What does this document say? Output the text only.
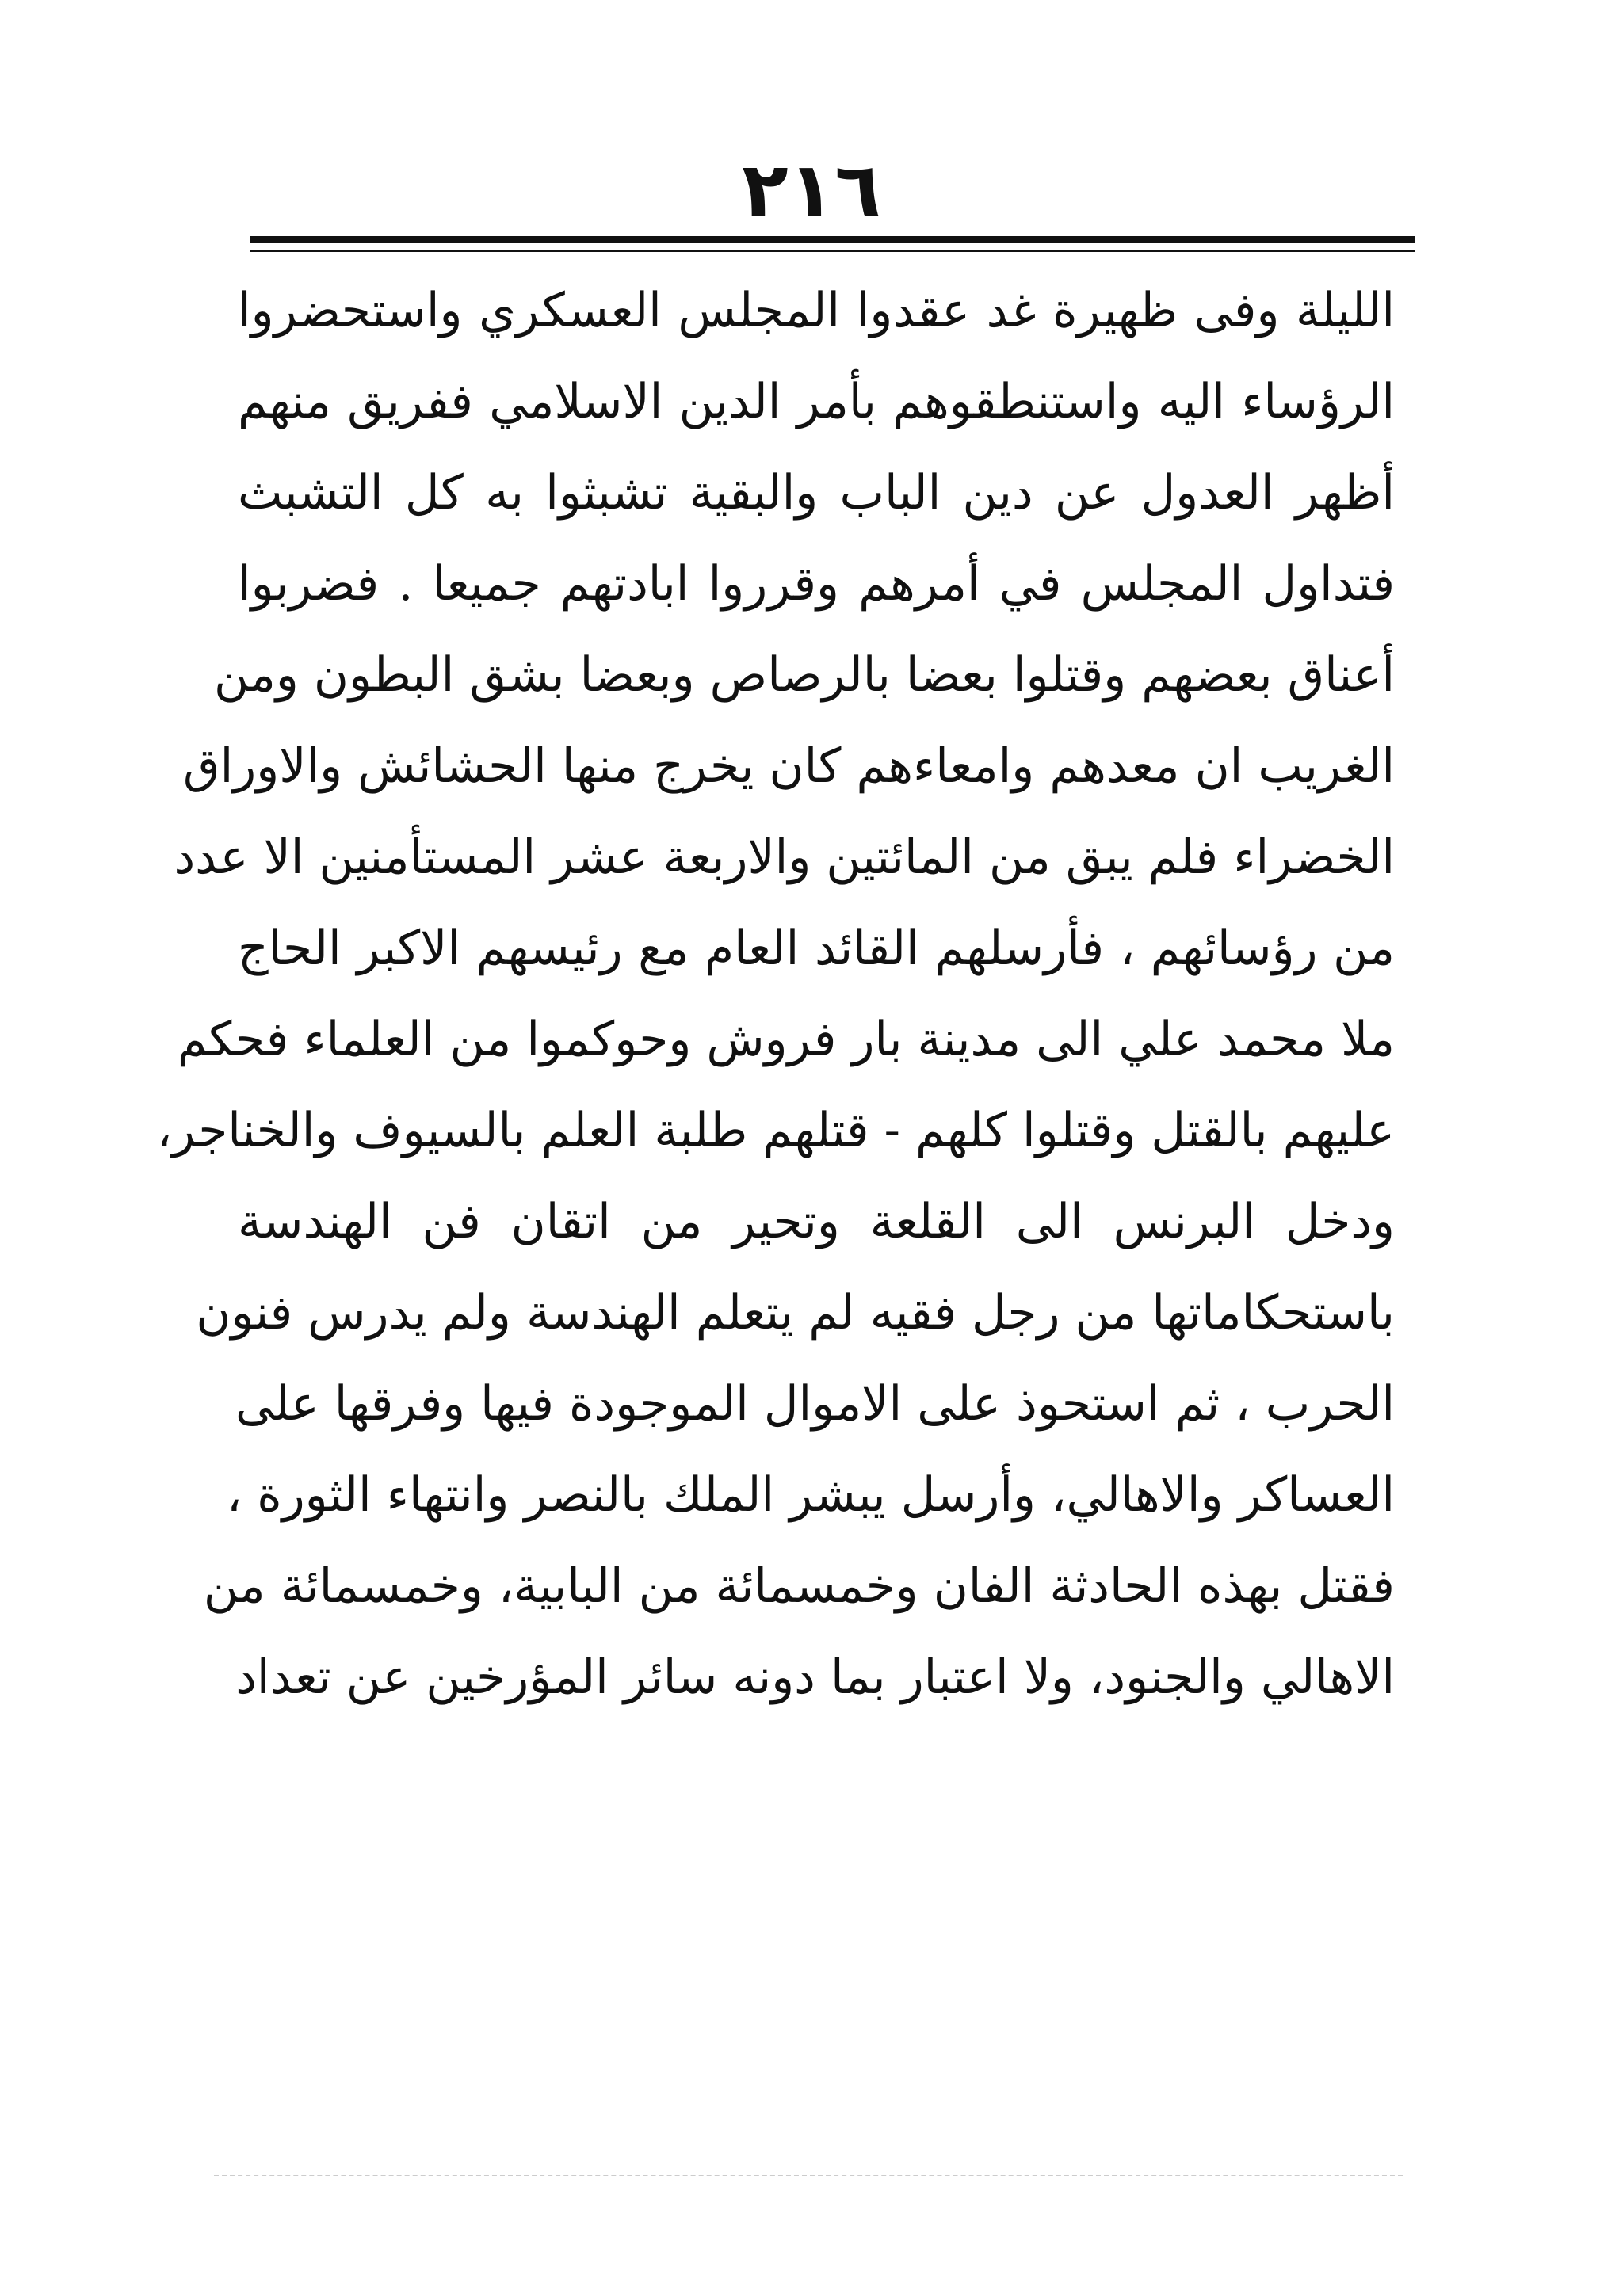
٢١٦
الليلة وفى ظهيرة غد عقدوا المجلس العسكري واستحضروا
الرؤساء اليه واستنطقوهم بأمر الدين الاسلامي ففريق منهم
أظهر العدول عن دين الباب والبقية تشبثوا به كل التشبث
فتداول المجلس في أمرهم وقرروا ابادتهم جميعا . فضربوا
أعناق بعضهم وقتلوا بعضا بالرصاص وبعضا بشق البطون ومن
الغريب ان معدهم وامعاءهم كان يخرج منها الحشائش والاوراق
الخضراء فلم يبق من المائتين والاربعة عشر المستأمنين الا عدد
من رؤسائهم ، فأرسلهم القائد العام مع رئيسهم الاكبر الحاج
ملا محمد علي الى مدينة بار فروش وحوكموا من العلماء فحكم
عليهم بالقتل وقتلوا كلهم - قتلهم طلبة العلم بالسيوف والخناجر،
ودخل البرنس الى القلعة وتحير من اتقان فن الهندسة
باستحكاماتها من رجل فقيه لم يتعلم الهندسة ولم يدرس فنون
الحرب ، ثم استحوذ على الاموال الموجودة فيها وفرقها على
العساكر والاهالي، وأرسل يبشر الملك بالنصر وانتهاء الثورة ،
فقتل بهذه الحادثة الفان وخمسمائة من البابية، وخمسمائة من
الاهالي والجنود، ولا اعتبار بما دونه سائر المؤرخين عن تعداد
